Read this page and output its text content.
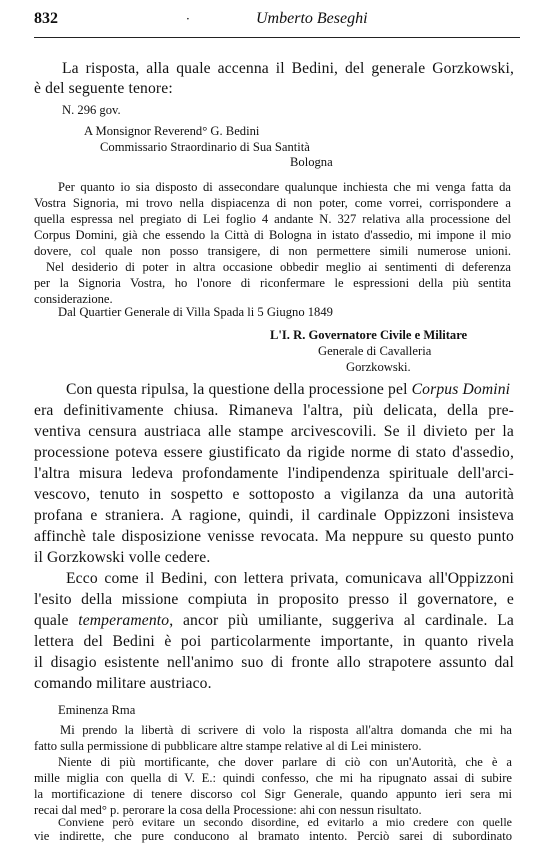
832	·	Umberto Beseghi
La risposta, alla quale accenna il Bedini, del generale Gorzkowski,
è del seguente tenore:
N. 296 gov.
A Monsignor Reverend° G. Bedini
Commissario Straordinario di Sua Santità
Bologna
Per quanto io sia disposto di assecondare qualunque inchiesta che mi venga fatta da
Vostra Signoria, mi trovo nella dispiacenza di non poter, come vorrei, corrispondere a
quella espressa nel pregiato di Lei foglio 4 andante N. 327 relativa alla processione del
Corpus Domini, già che essendo la Città di Bologna in istato d'assedio, mi impone il mio
dovere, col quale non posso transigere, di non permettere simili numerose unioni.
Nel desiderio di poter in altra occasione obbedir meglio ai sentimenti di deferenza
per la Signoria Vostra, ho l'onore di riconfermare le espressioni della più sentita
considerazione.
Dal Quartier Generale di Villa Spada li 5 Giugno 1849
L'I. R. Governatore Civile e Militare
Generale di Cavalleria
Gorzkowski.
Con questa ripulsa, la questione della processione pel Corpus Domini
era definitivamente chiusa. Rimaneva l'altra, più delicata, della pre-
ventiva censura austriaca alle stampe arcivescovili. Se il divieto per la
processione poteva essere giustificato da rigide norme di stato d'assedio,
l'altra misura ledeva profondamente l'indipendenza spirituale dell'arci-
vescovo, tenuto in sospetto e sottoposto a vigilanza da una autorità
profana e straniera. A ragione, quindi, il cardinale Oppizzoni insisteva
affinchè tale disposizione venisse revocata. Ma neppure su questo punto
il Gorzkowski volle cedere.
Ecco come il Bedini, con lettera privata, comunicava all'Oppizzoni
l'esito della missione compiuta in proposito presso il governatore, e
quale temperamento, ancor più umiliante, suggeriva al cardinale. La
lettera del Bedini è poi particolarmente importante, in quanto rivela
il disagio esistente nell'animo suo di fronte allo strapotere assunto dal
comando militare austriaco.
Eminenza Rma
Mi prendo la libertà di scrivere di volo la risposta all'altra domanda che mi ha
fatto sulla permissione di pubblicare altre stampe relative al di Lei ministero.
Niente di più mortificante, che dover parlare di ciò con un'Autorità, che è a
mille miglia con quella di V. E.: quindi confesso, che mi ha ripugnato assai di subire
la mortificazione di tenere discorso col Sigr Generale, quando appunto ieri sera mi
recai dal med° p. perorare la cosa della Processione: ahi con nessun risultato.
Conviene però evitare un secondo disordine, ed evitarlo a mio credere con quelle
vie indirette, che pure conducono al bramato intento. Perciò sarei di subordinato
